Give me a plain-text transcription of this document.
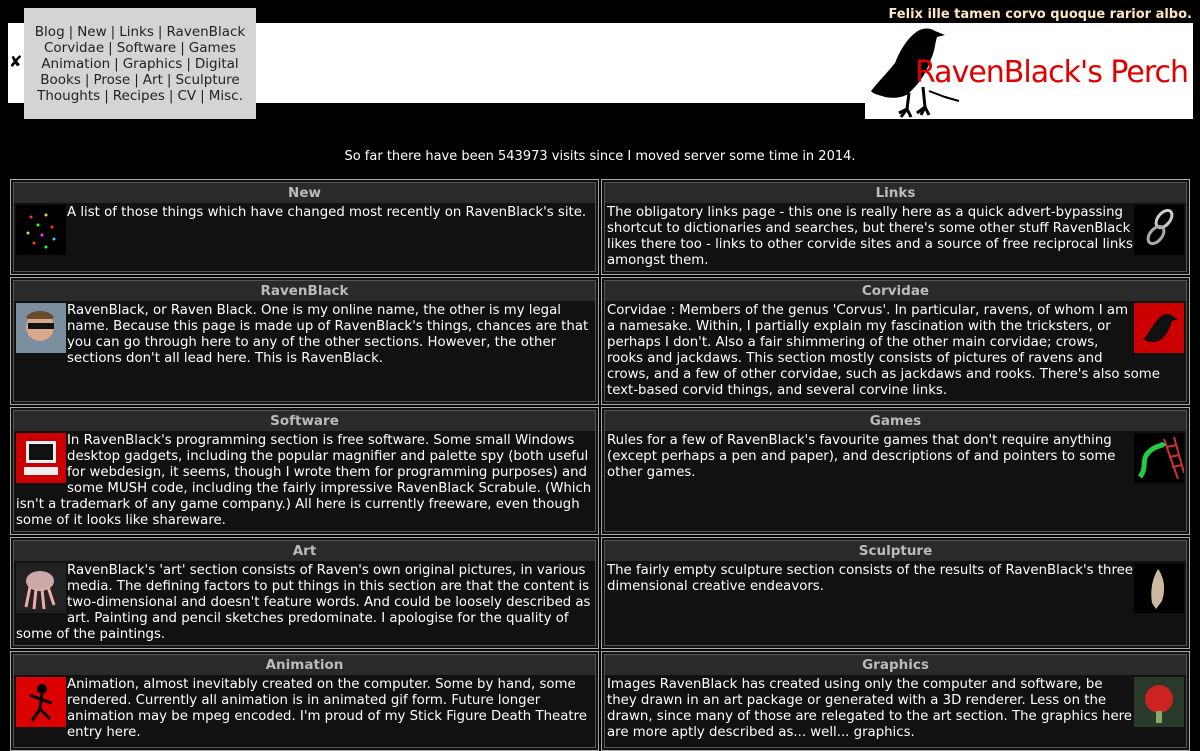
RavenBlack's Perch
Felix ille tamen corvo quoque rarior albo.
✘
Blog | New | Links | RavenBlack
Corvidae | Software | Games
Animation | Graphics | Digital
Books | Prose | Art | Sculpture
Thoughts | Recipes | CV | Misc.
So far there have been 543973 visits since I moved server some time in 2014.
New
A list of those things which have changed most recently on RavenBlack's site.
Links
The obligatory links page - this one is really here as a quick advert-bypassing shortcut to dictionaries and searches, but there's some other stuff RavenBlack likes there too - links to other corvide sites and a source of free reciprocal links amongst them.
RavenBlack
RavenBlack, or Raven Black. One is my online name, the other is my legal name. Because this page is made up of RavenBlack's things, chances are that you can go through here to any of the other sections. However, the other sections don't all lead here. This is RavenBlack.
Corvidae
Corvidae : Members of the genus 'Corvus'. In particular, ravens, of whom I am a namesake. Within, I partially explain my fascination with the tricksters, or perhaps I don't. Also a fair shimmering of the other main corvidae; crows, rooks and jackdaws. This section mostly consists of pictures of ravens and crows, and a few of other corvidae, such as jackdaws and rooks. There's also some text-based corvid things, and several corvine links.
Software
In RavenBlack's programming section is free software. Some small Windows desktop gadgets, including the popular magnifier and palette spy (both useful for webdesign, it seems, though I wrote them for programming purposes) and some MUSH code, including the fairly impressive RavenBlack Scrabule. (Which isn't a trademark of any game company.) All here is currently freeware, even though some of it looks like shareware.
Games
Rules for a few of RavenBlack's favourite games that don't require anything (except perhaps a pen and paper), and descriptions of and pointers to some other games.
Art
RavenBlack's 'art' section consists of Raven's own original pictures, in various media. The defining factors to put things in this section are that the content is two-dimensional and doesn't feature words. And could be loosely described as art. Painting and pencil sketches predominate. I apologise for the quality of some of the paintings.
Sculpture
The fairly empty sculpture section consists of the results of RavenBlack's three dimensional creative endeavors.
Animation
Animation, almost inevitably created on the computer. Some by hand, some rendered. Currently all animation is in animated gif form. Future longer animation may be mpeg encoded. I'm proud of my Stick Figure Death Theatre entry here.
Graphics
Images RavenBlack has created using only the computer and software, be they drawn in an art package or generated with a 3D renderer. Less on the drawn, since many of those are relegated to the art section. The graphics here are more aptly described as... well... graphics.
